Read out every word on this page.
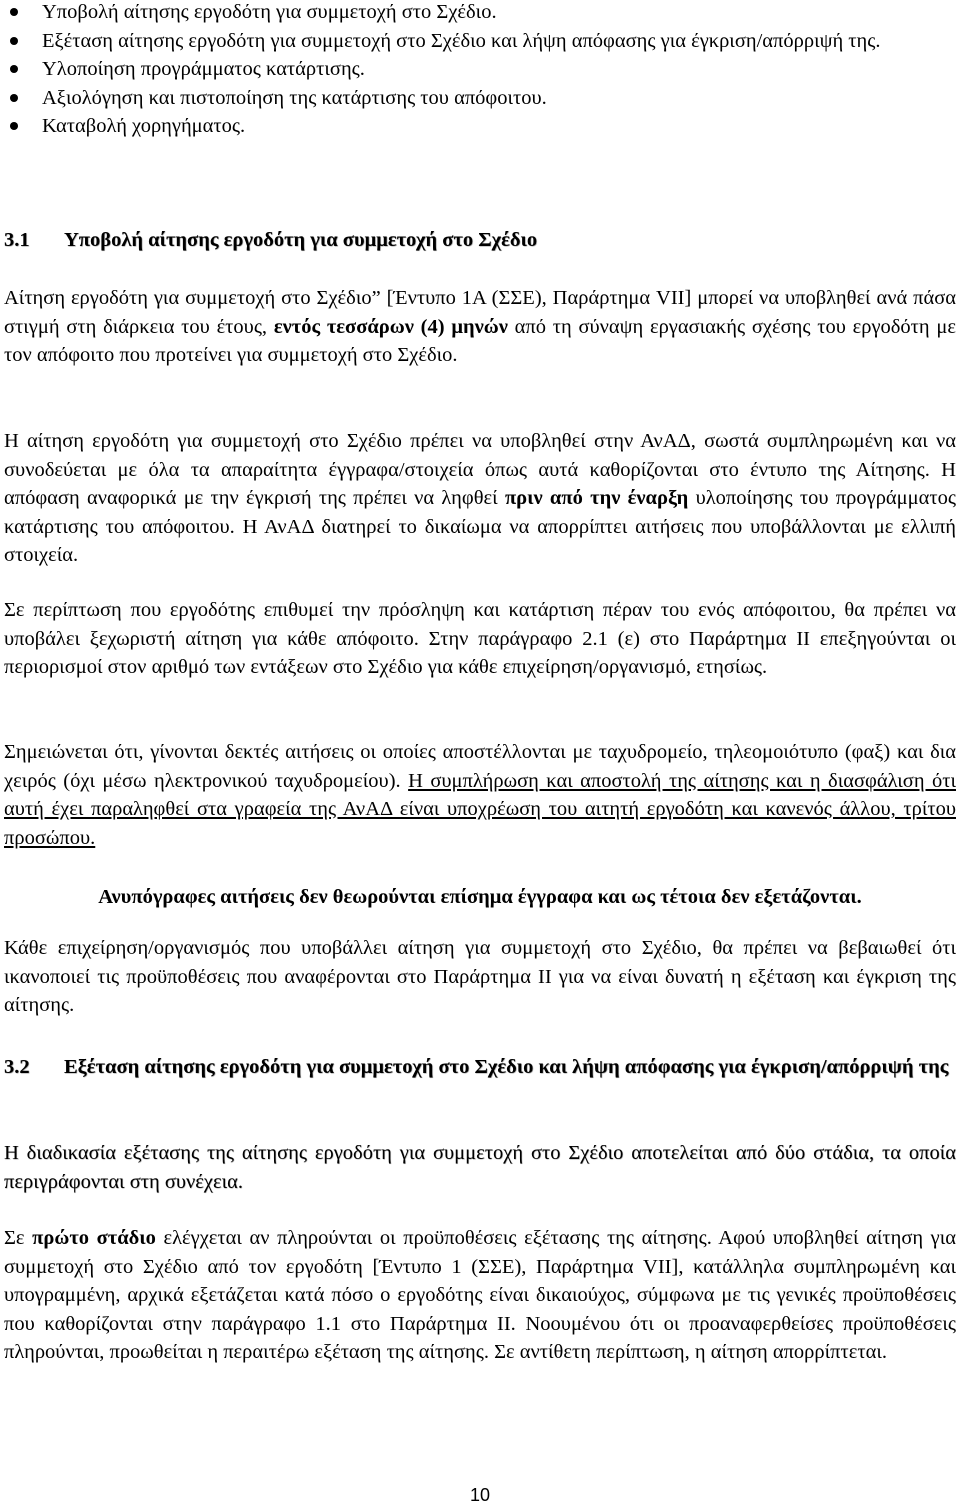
Υποβολή αίτησης εργοδότη για συμμετοχή στο Σχέδιο.
Εξέταση αίτησης εργοδότη για συμμετοχή στο Σχέδιο και λήψη απόφασης για έγκριση/απόρριψή της.
Υλοποίηση προγράμματος κατάρτισης.
Αξιολόγηση και πιστοποίηση της κατάρτισης του απόφοιτου.
Καταβολή χορηγήματος.
3.1 Υποβολή αίτησης εργοδότη για συμμετοχή στο Σχέδιο

Αίτηση εργοδότη για συμμετοχή στο Σχέδιο” [Έντυπο 1Α (ΣΣΕ), Παράρτημα VII] μπορεί να υποβληθεί ανά πάσα στιγμή στη διάρκεια του έτους, εντός τεσσάρων (4) μηνών από τη σύναψη εργασιακής σχέσης του εργοδότη με τον απόφοιτο που προτείνει για συμμετοχή στο Σχέδιο.

Η αίτηση εργοδότη για συμμετοχή στο Σχέδιο πρέπει να υποβληθεί στην ΑνΑΔ, σωστά συμπληρωμένη και να συνοδεύεται με όλα τα απαραίτητα έγγραφα/στοιχεία όπως αυτά καθορίζονται στο έντυπο της Αίτησης. Η απόφαση αναφορικά με την έγκρισή της πρέπει να ληφθεί πριν από την έναρξη υλοποίησης του προγράμματος κατάρτισης του απόφοιτου. Η ΑνΑΔ διατηρεί το δικαίωμα να απορρίπτει αιτήσεις που υποβάλλονται με ελλιπή στοιχεία.

Σε περίπτωση που εργοδότης επιθυμεί την πρόσληψη και κατάρτιση πέραν του ενός απόφοιτου, θα πρέπει να υποβάλει ξεχωριστή αίτηση για κάθε απόφοιτο. Στην παράγραφο 2.1 (ε) στο Παράρτημα ΙΙ επεξηγούνται οι περιορισμοί στον αριθμό των εντάξεων στο Σχέδιο για κάθε επιχείρηση/οργανισμό, ετησίως.

Σημειώνεται ότι, γίνονται δεκτές αιτήσεις οι οποίες αποστέλλονται με ταχυδρομείο, τηλεομοιότυπο (φαξ) και δια χειρός (όχι μέσω ηλεκτρονικού ταχυδρομείου). Η συμπλήρωση και αποστολή της αίτησης και η διασφάλιση ότι αυτή έχει παραληφθεί στα γραφεία της ΑνΑΔ είναι υποχρέωση του αιτητή εργοδότη και κανενός άλλου, τρίτου προσώπου.

Ανυπόγραφες αιτήσεις δεν θεωρούνται επίσημα έγγραφα και ως τέτοια δεν εξετάζονται.

Κάθε επιχείρηση/οργανισμός που υποβάλλει αίτηση για συμμετοχή στο Σχέδιο, θα πρέπει να βεβαιωθεί ότι ικανοποιεί τις προϋποθέσεις που αναφέρονται στο Παράρτημα ΙΙ για να είναι δυνατή η εξέταση και έγκριση της αίτησης.

3.2	Εξέταση αίτησης εργοδότη για συμμετοχή στο Σχέδιο και λήψη απόφασης για έγκριση/απόρριψή της

Η διαδικασία εξέτασης της αίτησης εργοδότη για συμμετοχή στο Σχέδιο αποτελείται από δύο στάδια, τα οποία περιγράφονται στη συνέχεια.

Σε πρώτο στάδιο ελέγχεται αν πληρούνται οι προϋποθέσεις εξέτασης της αίτησης. Αφού υποβληθεί αίτηση για συμμετοχή στο Σχέδιο από τον εργοδότη [Έντυπο 1 (ΣΣΕ), Παράρτημα VII], κατάλληλα συμπληρωμένη και υπογραμμένη, αρχικά εξετάζεται κατά πόσο ο εργοδότης είναι δικαιούχος, σύμφωνα με τις γενικές προϋποθέσεις που καθορίζονται στην παράγραφο 1.1 στο Παράρτημα ΙΙ. Νοουμένου ότι οι προαναφερθείσες προϋποθέσεις πληρούνται, προωθείται η περαιτέρω εξέταση της αίτησης. Σε αντίθετη περίπτωση, η αίτηση απορρίπτεται.

10
